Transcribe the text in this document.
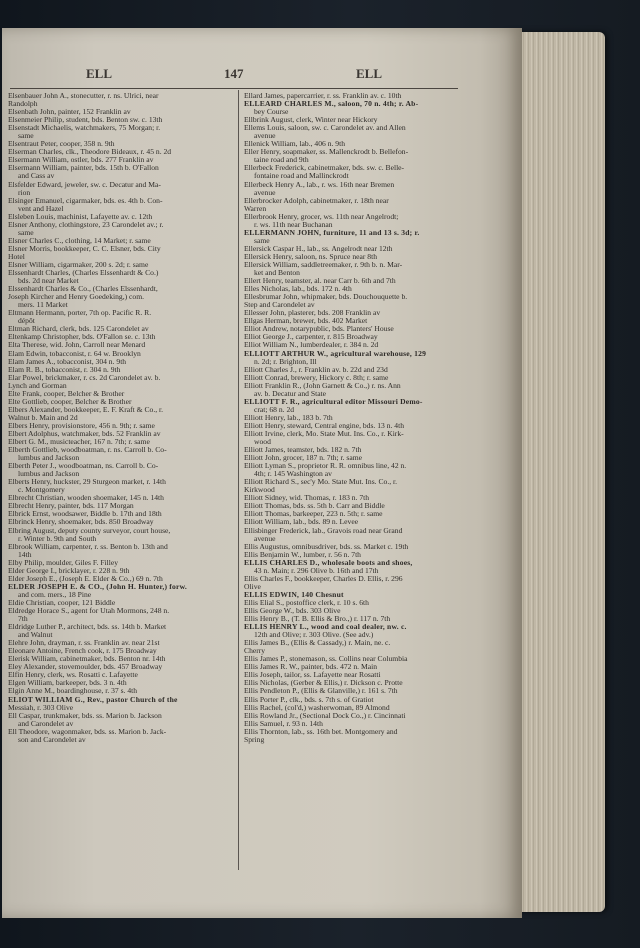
ELL	147	ELL
Elsenbauer John A., stonecutter, r. ns. Ulrici, near
Randolph
Elsenbath John, painter, 152 Franklin av
Elsenmeier Philip, student, bds. Benton sw. c. 13th
Elsenstadt Michaelis, watchmakers, 75 Morgan; r.
same
Elsentraut Peter, cooper, 358 n. 9th
Elserman Charles, clk., Theodore Bideaux, r. 45 n. 2d
Elsermann William, ostler, bds. 277 Franklin av
Elsermann William, painter, bds. 15th b. O'Fallon
and Cass av
Elsfelder Edward, jeweler, sw. c. Decatur and Ma-
rion
Elsinger Emanuel, cigarmaker, bds. es. 4th b. Con-
vent and Hazel
Elsleben Louis, machinist, Lafayette av. c. 12th
Elsner Anthony, clothingstore, 23 Carondelet av.; r.
same
Elsner Charles C., clothing, 14 Market; r. same
Elsner Morris, bookkeeper, C. C. Elsner, bds. City
Hotel
Elsner William, cigarmaker, 200 s. 2d; r. same
Elssenhardt Charles, (Charles Elssenhardt & Co.)
bds. 2d near Market
Elssenhardt Charles & Co., (Charles Elssenhardt,
Joseph Kircher and Henry Goedeking,) com.
mers. 11 Market
Eltmann Hermann, porter, 7th op. Pacific R. R.
dépôt
Eltman Richard, clerk, bds. 125 Carondelet av
Eltenkamp Christopher, bds. O'Fallon se. c. 13th
Elta Therese, wid. John, Carroll near Menard
Elam Edwin, tobacconist, r. 64 w. Brooklyn
Elam James A., tobacconist, 304 n. 9th
Elam R. B., tobacconist, r. 304 n. 9th
Elar Powel, brickmaker, r. cs. 2d Carondelet av. b.
Lynch and Gorman
Elte Frank, cooper, Belcher & Brother
Elte Gottlieb, cooper, Belcher & Brother
Elbers Alexander, bookkeeper, E. F. Kraft & Co., r.
Walnut b. Main and 2d
Elbers Henry, provisionstore, 456 n. 9th; r. same
Elbert Adolphus, watchmaker, bds. 52 Franklin av
Elbert G. M., musicteacher, 167 n. 7th; r. same
Elberth Gottlieb, woodboatman, r. ns. Carroll b. Co-
lumbus and Jackson
Elberth Peter J., woodboatman, ns. Carroll b. Co-
lumbus and Jackson
Elberts Henry, huckster, 29 Sturgeon market, r. 14th
c. Montgomery
Elbrecht Christian, wooden shoemaker, 145 n. 14th
Elbrecht Henry, painter, bds. 117 Morgan
Elbrick Ernst, woodsawer, Biddle b. 17th and 18th
Elbrinck Henry, shoemaker, bds. 850 Broadway
Elbring August, deputy county surveyor, court house,
r. Winter b. 9th and South
Elbrook William, carpenter, r. ss. Benton b. 13th and
14th
Elby Philip, moulder, Giles F. Filley
Elder George I., bricklayer, r. 228 n. 9th
Elder Joseph E., (Joseph E. Elder & Co.,) 69 n. 7th
ELDER JOSEPH E. & CO., (John H. Hunter,) forw.
and com. mers., 18 Pine
Eldie Christian, cooper, 121 Biddle
Eldredge Horace S., agent for Utah Mormons, 248 n.
7th
Eldridge Luther P., architect, bds. ss. 14th b. Market
and Walnut
Elehre John, drayman, r. ss. Franklin av. near 21st
Eleonare Antoine, French cook, r. 175 Broadway
Elerisk William, cabinetmaker, bds. Benton nr. 14th
Eley Alexander, stovemoulder, bds. 457 Broadway
Elfin Henry, clerk, ws. Rosatti c. Lafayette
Elgen William, barkeeper, bds. 3 n. 4th
Elgin Anne M., boardinghouse, r. 37 s. 4th
ELIOT WILLIAM G., Rev., pastor Church of the
Messiah, r. 303 Olive
Ell Caspar, trunkmaker, bds. ss. Marion b. Jackson
and Carondelet av
Ell Theodore, wagonmaker, bds. ss. Marion b. Jack-
son and Carondelet av
Ellard James, papercarrier, r. ss. Franklin av. c. 10th
ELLEARD CHARLES M., saloon, 70 n. 4th; r. Ab-
bey Course
Ellbrink August, clerk, Winter near Hickory
Ellems Louis, saloon, sw. c. Carondelet av. and Allen
avenue
Ellenick William, lab., 406 n. 9th
Eller Henry, soapmaker, ss. Mallenckrodt b. Bellefon-
taine road and 9th
Ellerbeck Frederick, cabinetmaker, bds. sw. c. Belle-
fontaine road and Mallinckrodt
Ellerbeck Henry A., lab., r. ws. 16th near Bremen
avenue
Ellerbrocker Adolph, cabinetmaker, r. 18th near
Warren
Ellerbrook Henry, grocer, ws. 11th near Angelrodt;
r. ws. 11th near Buchanan
ELLERMANN JOHN, furniture, 11 and 13 s. 3d; r.
same
Ellersick Caspar H., lab., ss. Angelrodt near 12th
Ellersick Henry, saloon, ns. Spruce near 8th
Ellersick William, saddletreemaker, r. 9th b. n. Mar-
ket and Benton
Ellert Henry, teamster, al. near Carr b. 6th and 7th
Elles Nicholas, lab., bds. 172 n. 4th
Ellesbrumar John, whipmaker, bds. Douchouquette b.
Step and Carondelet av
Ellesser John, plasterer, bds. 208 Franklin av
Ellgas Herman, brewer, bds. 402 Market
Elliot Andrew, notarypublic, bds. Planters' House
Elliot George J., carpenter, r. 815 Broadway
Elliot William N., lumberdealer, r. 384 n. 2d
ELLIOTT ARTHUR W., agricultural warehouse, 129
n. 2d; r. Brighton, Ill
Elliott Charles J., r. Franklin av. b. 22d and 23d
Elliott Conrad, brewery, Hickory c. 8th; r. same
Elliott Franklin R., (John Garnett & Co.,) r. ns. Ann
av. b. Decatur and State
ELLIOTT F. R., agricultural editor Missouri Demo-
crat; 68 n. 2d
Elliott Henry, lab., 183 b. 7th
Elliott Henry, steward, Central engine, bds. 13 n. 4th
Elliott Irvine, clerk, Mo. State Mut. Ins. Co., r. Kirk-
wood
Elliott James, teamster, bds. 182 n. 7th
Elliott John, grocer, 187 n. 7th; r. same
Elliott Lyman S., proprietor R. R. omnibus line, 42 n.
4th; r. 145 Washington av
Elliott Richard S., sec'y Mo. State Mut. Ins. Co., r.
Kirkwood
Elliott Sidney, wid. Thomas, r. 183 n. 7th
Elliott Thomas, bds. ss. 5th b. Carr and Biddle
Elliott Thomas, barkeeper, 223 n. 5th; r. same
Elliott William, lab., bds. 89 n. Levee
Ellisbinger Frederick, lab., Gravois road near Grand
avenue
Ellis Augustus, omnibusdriver, bds. ss. Market c. 19th
Ellis Benjamin W., lumber, r. 56 n. 7th
ELLIS CHARLES D., wholesale boots and shoes,
43 n. Main; r. 296 Olive b. 16th and 17th
Ellis Charles F., bookkeeper, Charles D. Ellis, r. 296
Olive
ELLIS EDWIN, 140 Chesnut
Ellis Elial S., postoffice clerk, r. 10 s. 6th
Ellis George W., bds. 303 Olive
Ellis Henry B., (T. B. Ellis & Bro.,) r. 117 n. 7th
ELLIS HENRY L., wood and coal dealer, nw. c.
12th and Olive; r. 303 Olive. (See adv.)
Ellis James B., (Ellis & Cassady,) r. Main, ne. c.
Cherry
Ellis James P., stonemason, ss. Collins near Columbia
Ellis James R. W., painter, bds. 472 n. Main
Ellis Joseph, tailor, ss. Lafayette near Rosatti
Ellis Nicholas, (Gerber & Ellis,) r. Dickson c. Protte
Ellis Pendleton P., (Ellis & Glanville,) r. 161 s. 7th
Ellis Porter P., clk., bds. s. 7th s. of Gratiot
Ellis Rachel, (col'd,) washerwoman, 89 Almond
Ellis Rowland Jr., (Sectional Dock Co.,) r. Cincinnati
Ellis Samuel, r. 93 n. 14th
Ellis Thornton, lab., ss. 16th bet. Montgomery and
Spring
